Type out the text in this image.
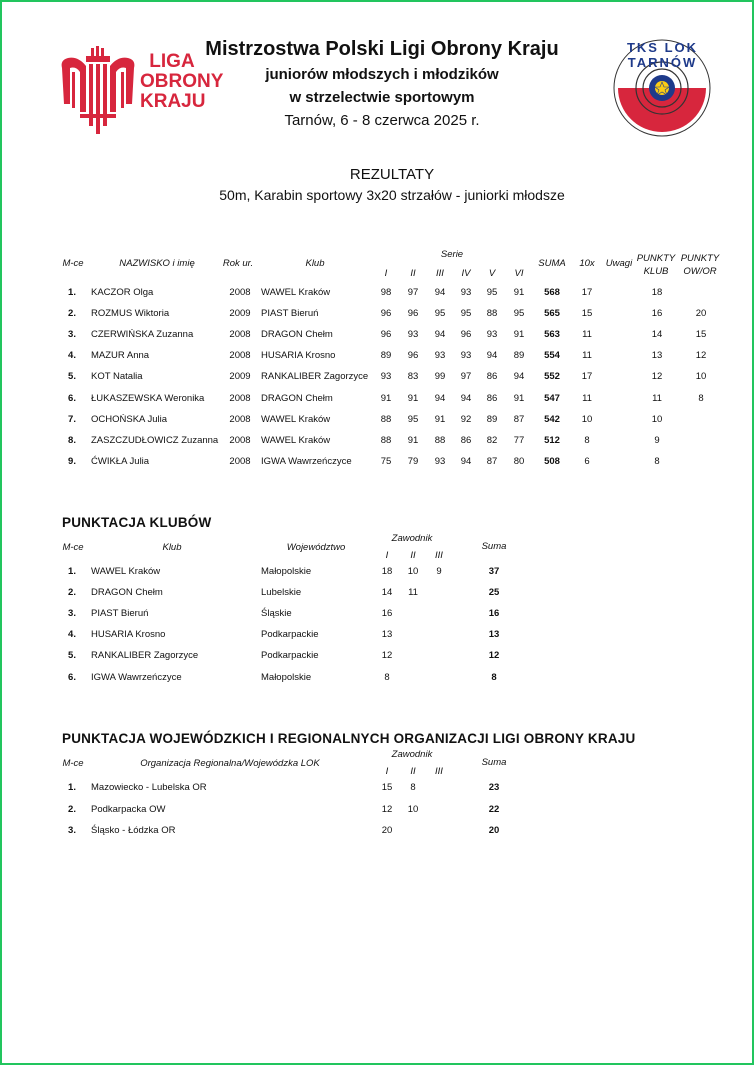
LIGA
OBRONY
KRAJU
Mistrzostwa Polski Ligi Obrony Kraju
juniorów młodszych i młodzików
w strzelectwie sportowym
Tarnów, 6 - 8 czerwca 2025 r.
TKS LOK TARNÓW
REZULTATY
50m, Karabin sportowy 3x20 strzałów - juniorki młodsze
M-ce	NAZWISKO i imię	Rok ur.	Klub
Serie
I	II	III	IV	V	VI
SUMA	10x	Uwagi PUNKTY
KLUB
PUNKTY
OW/OR
1.	KACZOR Olga	2008	WAWEL Kraków	98	97	94	93	95	91	568	17	18
2.	ROZMUS Wiktoria	2009	PIAST Bieruń	96	96	95	95	88	95	565	15	16	20
3.	CZERWIŃSKA Zuzanna	2008	DRAGON Chełm	96	93	94	96	93	91	563	11	14	15
4.	MAZUR Anna	2008	HUSARIA Krosno	89	96	93	93	94	89	554	11	13	12
5.	KOT Natalia	2009	RANKALIBER Zagorzyce	93	83	99	97	86	94	552	17	12	10
6.	ŁUKASZEWSKA Weronika	2008	DRAGON Chełm	91	91	94	94	86	91	547	11	11	8
7.	OCHOŃSKA Julia	2008	WAWEL Kraków	88	95	91	92	89	87	542	10	10
8.	ZASZCZUDŁOWICZ Zuzanna	2008	WAWEL Kraków	88	91	88	86	82	77	512	8	9
9.	ĆWIKŁA Julia	2008	IGWA Wawrzeńczyce	75	79	93	94	87	80	508	6	8
PUNKTACJA KLUBÓW
M-ce	Klub	Województwo
Zawodnik
I	II	III
Suma
1.	WAWEL Kraków	Małopolskie	18	10	9	37
2.	DRAGON Chełm	Lubelskie	14	11	25
3.	PIAST Bieruń	Śląskie	16	16
4.	HUSARIA Krosno	Podkarpackie	13	13
5.	RANKALIBER Zagorzyce	Podkarpackie	12	12
6.	IGWA Wawrzeńczyce	Małopolskie	8	8
PUNKTACJA WOJEWÓDZKICH I REGIONALNYCH ORGANIZACJI LIGI OBRONY KRAJU
M-ce	Organizacja Regionalna/Wojewódzka LOK
Zawodnik
I	II	III
Suma
1.	Mazowiecko - Lubelska OR	15	8	23
2.	Podkarpacka OW	12	10	22
3.	Śląsko - Łódzka OR	20	20
